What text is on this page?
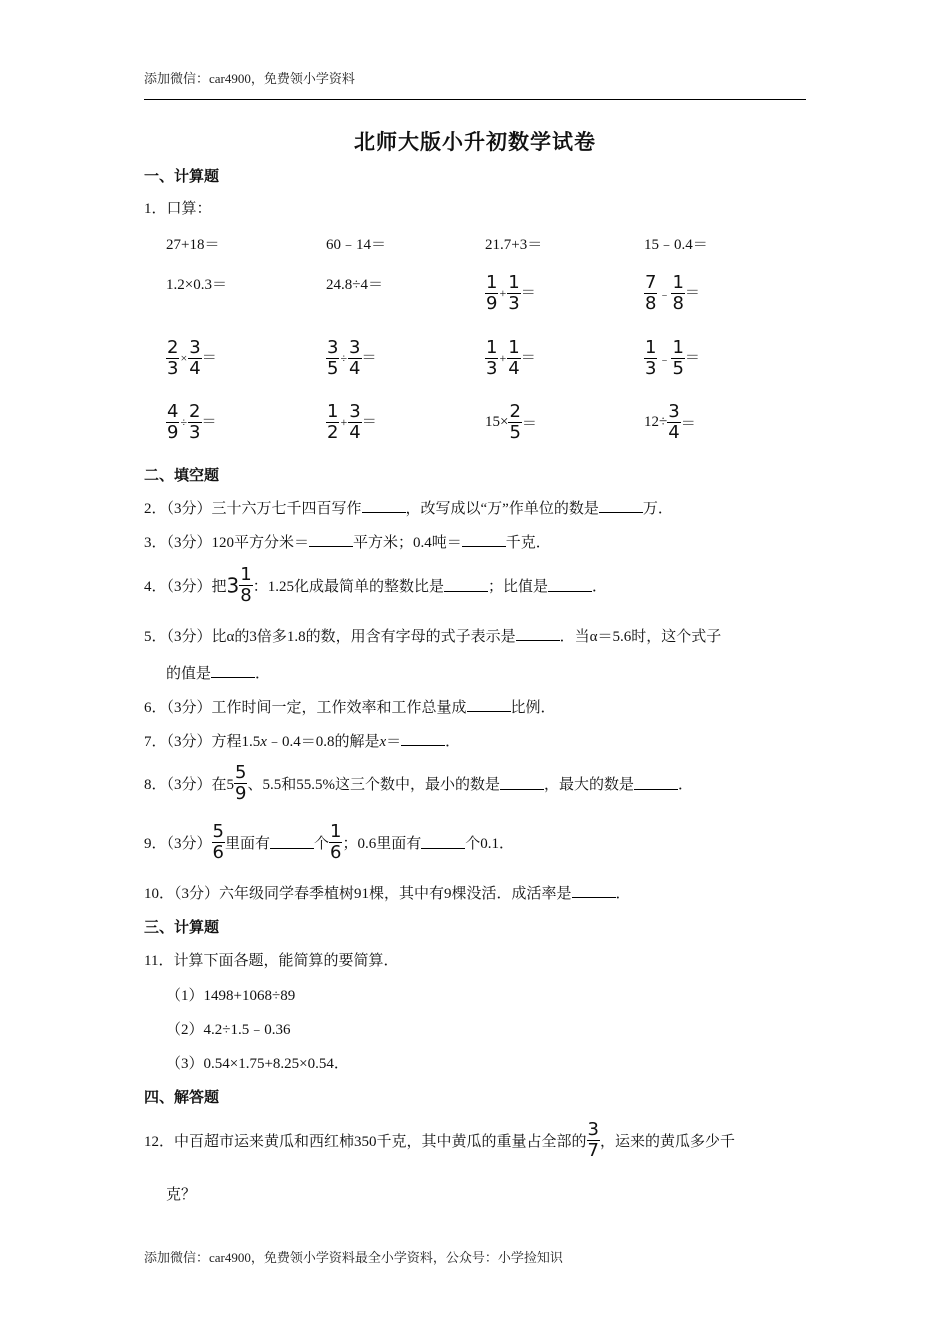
添加微信：car4900，免费领小学资料
北师大版小升初数学试卷
一、计算题
1．口算：
27+18＝	60﹣14＝	21.7+3＝	15﹣0.4＝
1.2×0.3＝	24.8÷4＝	$\frac{1}{9} + \frac{1}{3}$ ＝	$\frac{7}{8}$ ﹣ $\frac{1}{8}$ ＝
$\frac{2}{3} \times \frac{3}{4}$ ＝	$\frac{3}{5} \div \frac{3}{4}$ ＝	$\frac{1}{3} + \frac{1}{4}$ ＝	$\frac{1}{3}$ ﹣ $\frac{1}{5}$ ＝
$\frac{4}{9} \div \frac{2}{3}$ ＝	$\frac{1}{2} + \frac{3}{4}$ ＝	$15\times \frac{2}{5}$ ＝	$12\div \frac{3}{4}$ ＝
二、填空题
2．（3分）三十六万七千四百写作	，改写成以“万”作单位的数是	万．
3．（3分）120平方分米＝	平方米；0.4吨＝	千克．
4．（3分）把$3 \frac{1}{8}$ ：1.25化成最简单的整数比是	；比值是	．
5．（3分）比α的3倍多1.8的数，用含有字母的式子表示是	．当α＝5.6时，这个式子
的值是	．
6．（3分）工作时间一定，工作效率和工作总量成	比例．
7．（3分）方程1.5x﹣0.4＝0.8的解是x＝	．
8．（3分）在$5 \frac{5}{9}$ 、5.5和55.5%这三个数中，最小的数是	，最大的数是	．
9．（3分） $\frac{5}{6}$ 里面有	个 $\frac{1}{6}$ ；0.6里面有	个0.1．
10．（3分）六年级同学春季植树91棵，其中有9棵没活．成活率是	．
三、计算题
11．计算下面各题，能简算的要简算．
（1）1498+1068÷89
（2）4.2÷1.5﹣0.36
（3）0.54×1.75+8.25×0.54．
四、解答题
12．中百超市运来黄瓜和西红柿350千克，其中黄瓜的重量占全部的 $\frac{3}{7}$ ，运来的黄瓜多少千
克？
添加微信：car4900，免费领小学资料最全小学资料，公众号：小学捡知识
